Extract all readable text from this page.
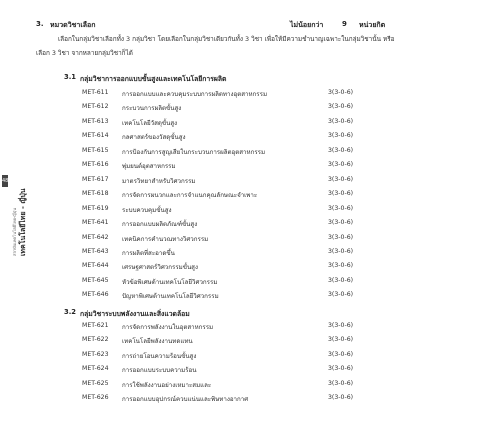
3. หมวดวิชาเลือก	ไม่น้อยกว่า	9 หน่วยกิต
เลือกในกลุ่มวิชาเลือกทั้ง 3 กลุ่มวิชา โดยเลือกในกลุ่มวิชาเดียวกันทั้ง 3 วิชา เพื่อให้มีความชำนาญเฉพาะในกลุ่มวิชานั้น หรือ
เลือก 3 วิชา จากหลายกลุ่มวิชาก็ได้
3.1 กลุ่มวิชาการออกแบบขั้นสูงและเทคโนโลยีการผลิต
MET-611 การออกแบบและควบคุมระบบการผลิตทางอุตสาหกรรม	3(3-0-6)
MET-612 กระบวนการผลิตขั้นสูง	3(3-0-6)
MET-613 เทคโนโลยีวัสดุขั้นสูง	3(3-0-6)
MET-614 กลศาสตร์ของวัสดุขั้นสูง	3(3-0-6)
MET-615 การป้องกันการสูญเสียในกระบวนการผลิตอุตสาหกรรม	3(3-0-6)
MET-616 พุ่มยนต์อุตสาหกรรม	3(3-0-6)
MET-617 มาตรวิทยาสำหรับวิศวกรรม	3(3-0-6)
MET-618 การจัดการผนวกและการจำแนกคุณลักษณะจำเพาะ	3(3-0-6)
MET-619 ระบบควบคุมขั้นสูง	3(3-0-6)
MET-641 การออกแบบผลิตภัณฑ์ขั้นสูง	3(3-0-6)
MET-642 เทคนิคการคำนวณทางวิศวกรรม	3(3-0-6)
MET-643 การผลิตที่สะอาดขึ้น	3(3-0-6)
MET-644 เศรษฐศาสตร์วิศวกรรมขั้นสูง	3(3-0-6)
MET-645 หัวข้อพิเศษด้านเทคโนโลยีวิศวกรรม	3(3-0-6)
MET-646 ปัญหาพิเศษด้านเทคโนโลยีวิศวกรรม	3(3-0-6)
3.2 กลุ่มวิชาระบบพลังงานและสิ่งแวดล้อม
MET-621 การจัดการพลังงานในอุตสาหกรรม	3(3-0-6)
MET-622 เทคโนโลยีพลังงานทดแทน	3(3-0-6)
MET-623 การถ่ายโอนความร้อนขั้นสูง	3(3-0-6)
MET-624 การออกแบบระบบความร้อน	3(3-0-6)
MET-625 การใช้พลังงานอย่างเหมาะสมและ	3(3-0-6)
MET-626 การออกแบบอุปกรณ์ควบแน่นและพิษทางอากาศ	3(3-0-6)
48
เทคโนโลยีไทย - ญี่ปุ่น
สถาบันเทคโนโลยีไทย-ญี่ปุ่น
